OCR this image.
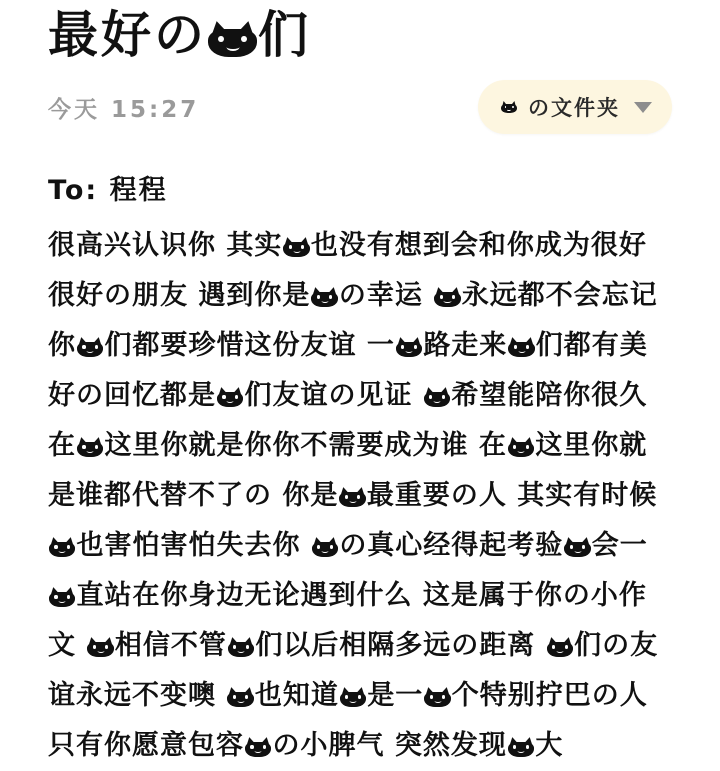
最好の 们
今天 15:27	の文件夹
To: 程程
很高兴认识你 其实 也没有想到会和你成为很好很好の朋友 遇到你是 の幸运
永远都不会忘记你 们都要珍惜这份友谊 一 路走来 们都有美好の回忆都是 们友谊の见证
希望能陪你很久 在 这里你就是你你不需要成为谁 在 这里你就是谁都代替不了の 你是 最重要の人 其实有时候
也害怕害怕失去你
の真心经得起考验 会一
直站在你身边无论遇到什么 这是属于你の小作文
相信不管 们以后相隔多远の距离
们の友谊永远不变噢
也知道 是一 个特别拧巴の人 只有你愿意包容 の小脾气 突然发现 大
